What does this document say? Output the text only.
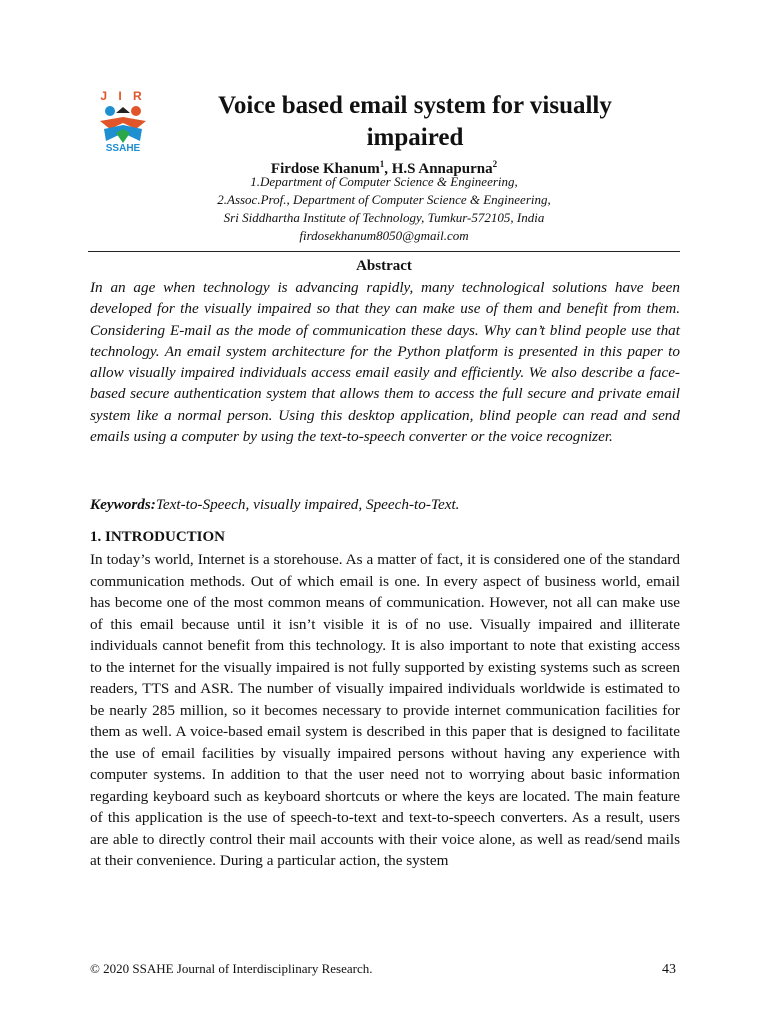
J I R
SSAHE
Voice based email system for visually impaired
Firdose Khanum$^1$, H.S Annapurna$^2$
1.Department of Computer Science & Engineering,
2.Assoc.Prof., Department of Computer Science & Engineering,
Sri Siddhartha Institute of Technology, Tumkur-572105, India
firdosekhanum8050@gmail.com
Abstract

In an age when technology is advancing rapidly, many technological solutions have been developed for the visually impaired so that they can make use of them and benefit from them. Considering E-mail as the mode of communication these days. Why can’t blind people use that technology. An email system architecture for the Python platform is presented in this paper to allow visually impaired individuals access email easily and efficiently. We also describe a face-based secure authentication system that allows them to access the full secure and private email system like a normal person. Using this desktop application, blind people can read and send emails using a computer by using the text-to-speech converter or the voice recognizer.

Keywords:Text-to-Speech, visually impaired, Speech-to-Text.
1. INTRODUCTION

In today’s world, Internet is a storehouse. As a matter of fact, it is considered one of the standard communication methods. Out of which email is one. In every aspect of business world, email has become one of the most common means of communication. However, not all can make use of this email because until it isn’t visible it is of no use. Visually impaired and illiterate individuals cannot benefit from this technology. It is also important to note that existing access to the internet for the visually impaired is not fully supported by existing systems such as screen readers, TTS and ASR. The number of visually impaired individuals worldwide is estimated to be nearly 285 million, so it becomes necessary to provide internet communication facilities for them as well. A voice-based email system is described in this paper that is designed to facilitate the use of email facilities by visually impaired persons without having any experience with computer systems. In addition to that the user need not to worrying about basic information regarding keyboard such as keyboard shortcuts or where the keys are located. The main feature of this application is the use of speech-to-text and text-to-speech converters. As a result, users are able to directly control their mail accounts with their voice alone, as well as read/send mails at their convenience. During a particular action, the system

© 2020 SSAHE Journal of Interdisciplinary Research.	43
